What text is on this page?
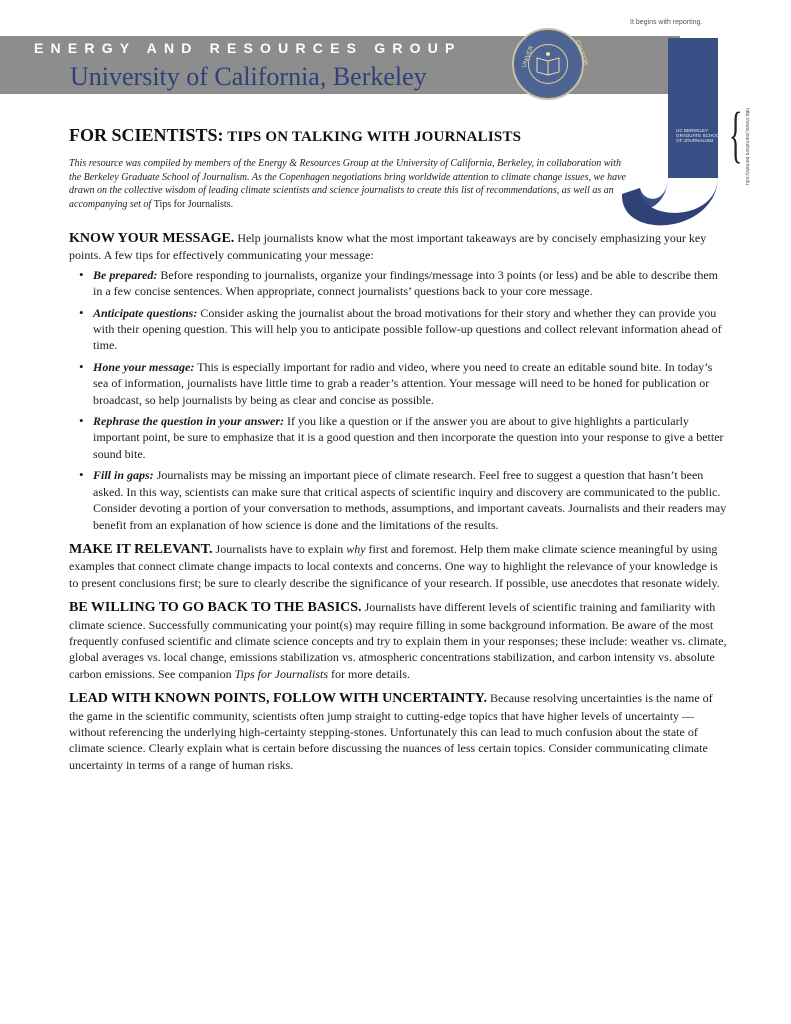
It begins with reporting.
ENERGY AND RESOURCES GROUP
University of California, Berkeley
UNIVER	CALIFOR
UC BERKELEY
GRADUATE SCHOOL
OF JOURNALISM { http://www.journalism.berkeley.edu
FOR SCIENTISTS: TIPS ON TALKING WITH JOURNALISTS
This resource was compiled by members of the Energy & Resources Group at the University of California, Berkeley, in collaboration with the Berkeley Graduate School of Journalism. As the Copenhagen negotiations bring worldwide attention to climate change issues, we have drawn on the collective wisdom of leading climate scientists and science journalists to create this list of recommendations, as well as an accompanying set of Tips for Journalists.

KNOW YOUR MESSAGE. Help journalists know what the most important takeaways are by concisely emphasizing your key points. A few tips for effectively communicating your message:

• Be prepared: Before responding to journalists, organize your findings/message into 3 points (or less) and be able to describe them in a few concise sentences. When appropriate, connect journalists’ questions back to your core message.
• Anticipate questions: Consider asking the journalist about the broad motivations for their story and whether they can provide you with their opening question. This will help you to anticipate possible follow-up questions and collect relevant information ahead of time.
• Hone your message: This is especially important for radio and video, where you need to create an editable sound bite. In today’s sea of information, journalists have little time to grab a reader’s attention. Your message will need to be honed for publication or broadcast, so help journalists by being as clear and concise as possible.
• Rephrase the question in your answer: If you like a question or if the answer you are about to give highlights a particularly important point, be sure to emphasize that it is a good question and then incorporate the question into your response to give a better sound bite.
• Fill in gaps: Journalists may be missing an important piece of climate research. Feel free to suggest a question that hasn’t been asked. In this way, scientists can make sure that critical aspects of scientific inquiry and discovery are communicated to the public. Consider devoting a portion of your conversation to methods, assumptions, and important caveats. Journalists and their readers may benefit from an explanation of how science is done and the limitations of the results.

MAKE IT RELEVANT. Journalists have to explain why first and foremost. Help them make climate science meaningful by using examples that connect climate change impacts to local contexts and concerns. One way to highlight the relevance of your knowledge is to present conclusions first; be sure to clearly describe the significance of your research. If possible, use anecdotes that resonate widely.

BE WILLING TO GO BACK TO THE BASICS. Journalists have different levels of scientific training and familiarity with climate science. Successfully communicating your point(s) may require filling in some background information. Be aware of the most frequently confused scientific and climate science concepts and try to explain them in your responses; these include: weather vs. climate, global averages vs. local change, emissions stabilization vs. atmospheric concentrations stabilization, and carbon intensity vs. absolute carbon emissions. See companion Tips for Journalists for more details.

LEAD WITH KNOWN POINTS, FOLLOW WITH UNCERTAINTY. Because resolving uncertainties is the name of the game in the scientific community, scientists often jump straight to cutting-edge topics that have higher levels of uncertainty — without referencing the underlying high-certainty stepping-stones. Unfortunately this can lead to much confusion about the state of climate science. Clearly explain what is certain before discussing the nuances of less certain topics. Consider communicating climate uncertainty in terms of a range of human risks.
